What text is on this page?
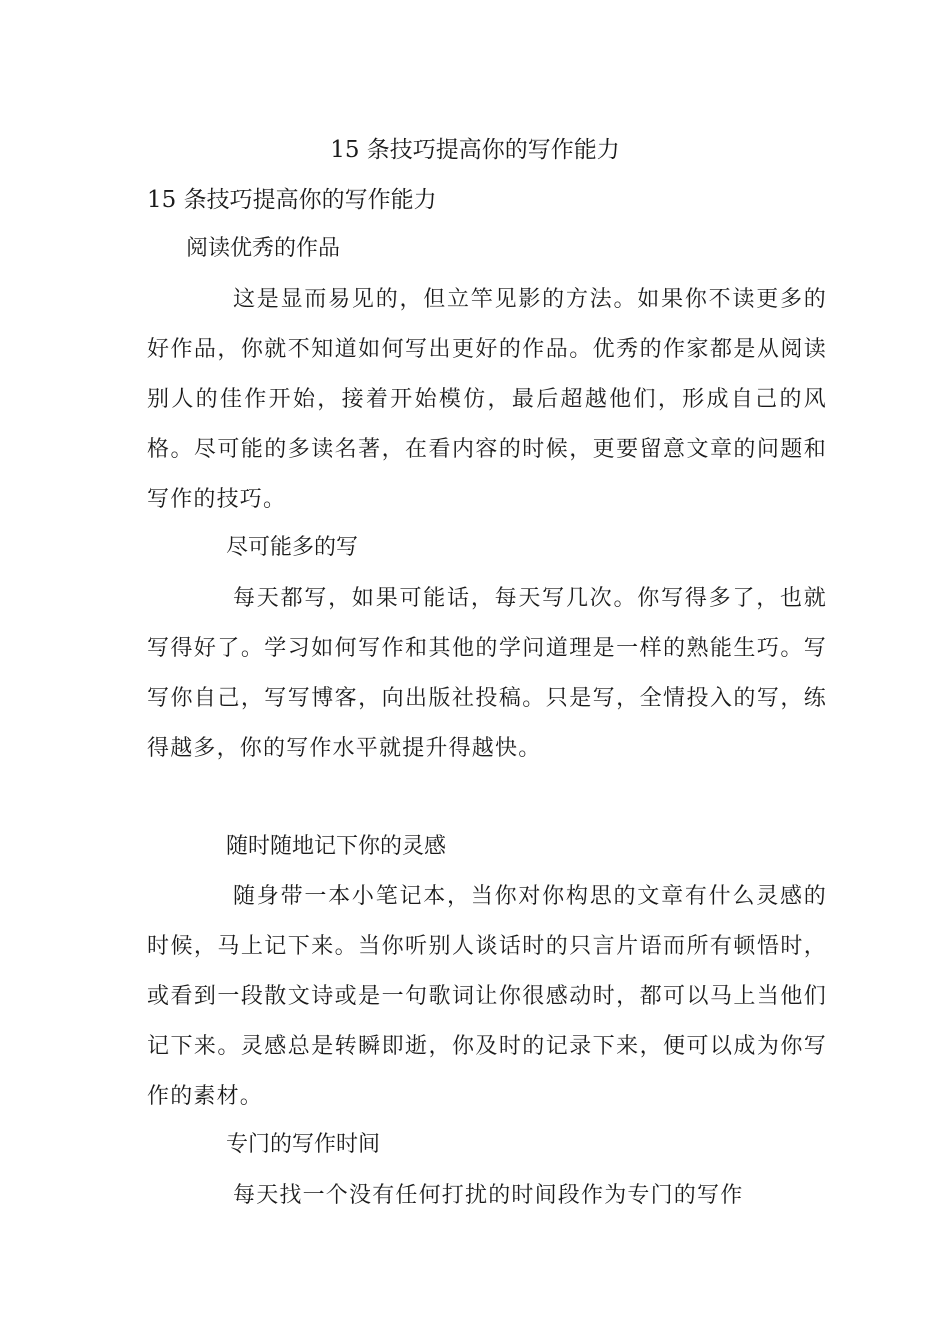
15 条技巧提高你的写作能力
15 条技巧提高你的写作能力
阅读优秀的作品

这是显而易见的，但立竿见影的方法。如果你不读更多的好作品，你就不知道如何写出更好的作品。优秀的作家都是从阅读别人的佳作开始，接着开始模仿，最后超越他们，形成自己的风格。尽可能的多读名著，在看内容的时候，更要留意文章的问题和写作的技巧。

尽可能多的写

每天都写，如果可能话，每天写几次。你写得多了，也就写得好了。学习如何写作和其他的学问道理是一样的熟能生巧。写写你自己，写写博客，向出版社投稿。只是写，全情投入的写，练得越多，你的写作水平就提升得越快。

随时随地记下你的灵感

随身带一本小笔记本，当你对你构思的文章有什么灵感的时候，马上记下来。当你听别人谈话时的只言片语而所有顿悟时，或看到一段散文诗或是一句歌词让你很感动时，都可以马上当他们记下来。灵感总是转瞬即逝，你及时的记录下来，便可以成为你写作的素材。

专门的写作时间

每天找一个没有任何打扰的时间段作为专门的写作
